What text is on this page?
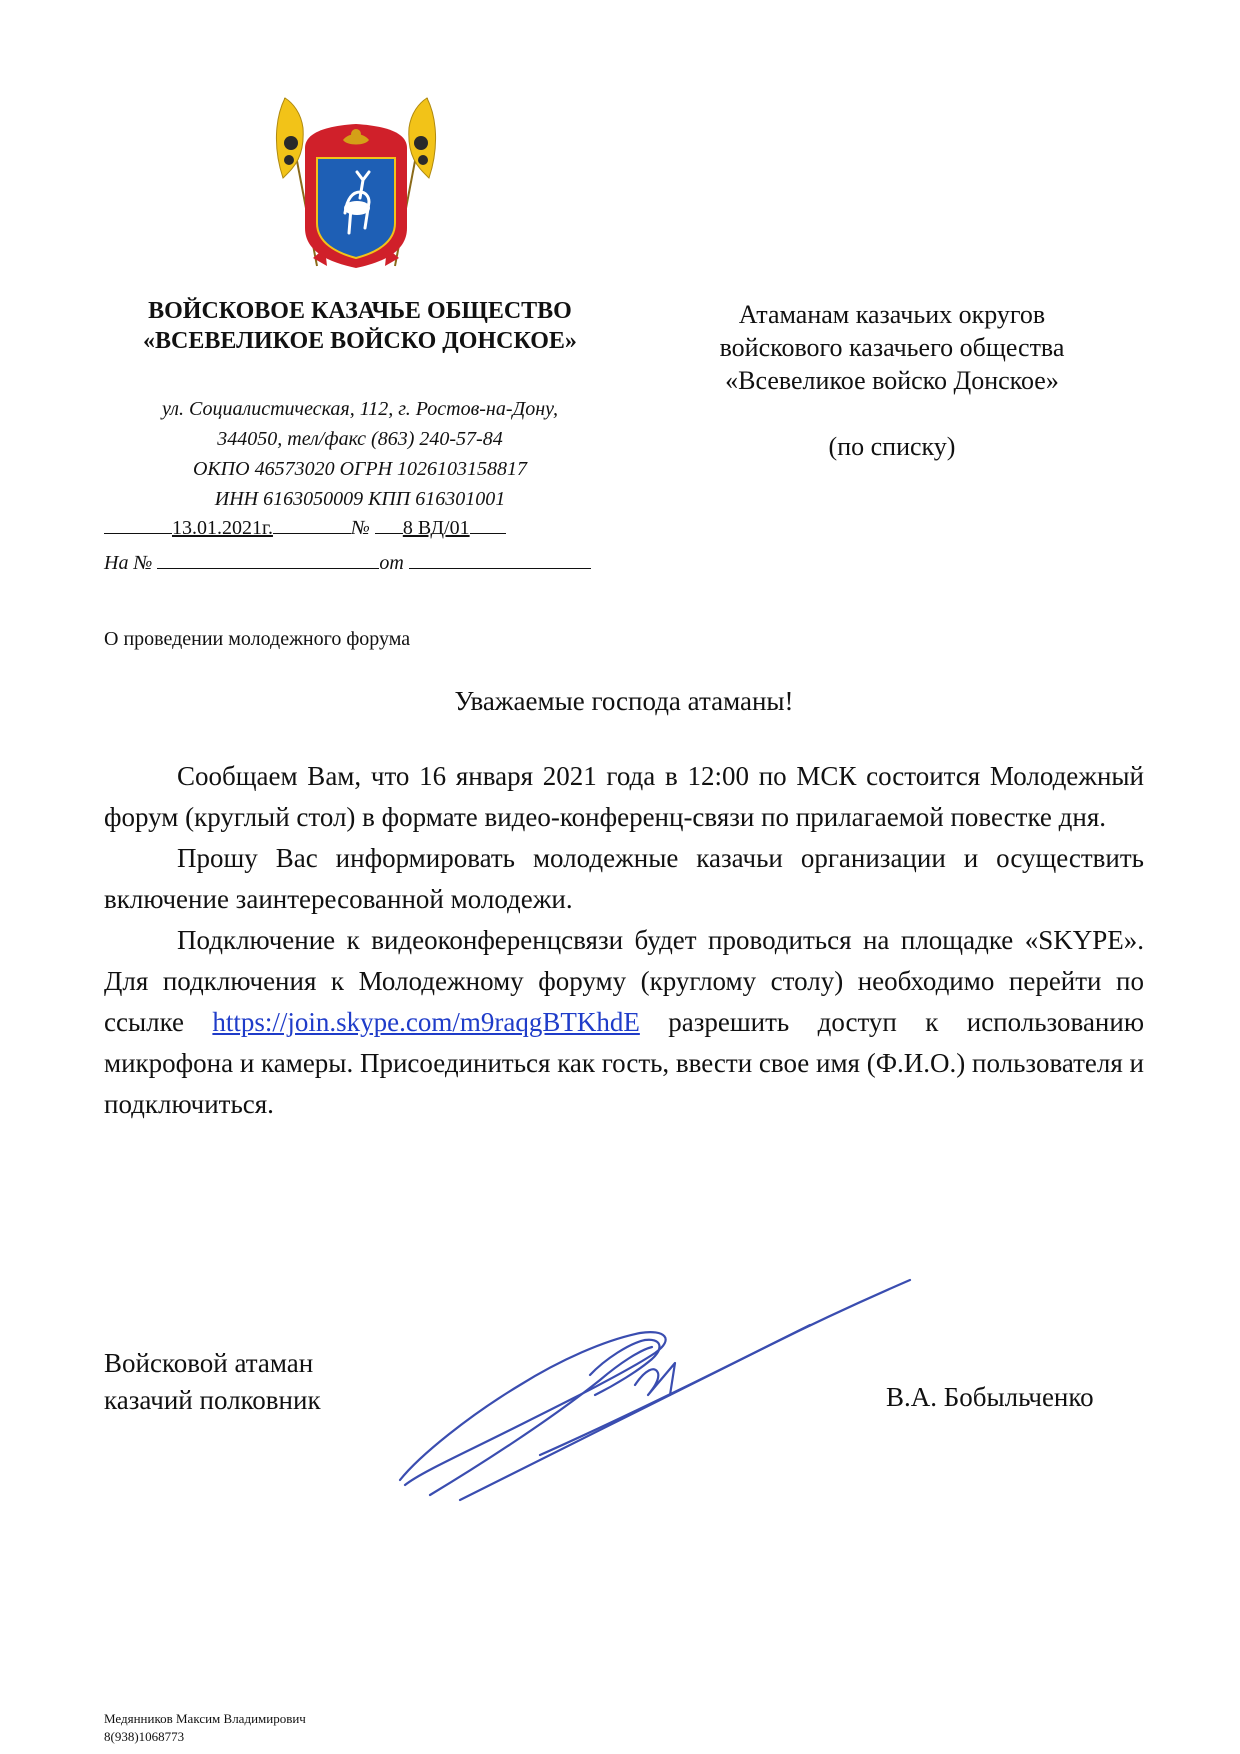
ВОЙСКОВОЕ КАЗАЧЬЕ ОБЩЕСТВО
«ВСЕВЕЛИКОЕ ВОЙСКО ДОНСКОЕ»
ул. Социалистическая, 112, г. Ростов-на-Дону,
344050, тел/факс (863) 240-57-84
ОКПО 46573020 ОГРН 1026103158817
ИНН 6163050009 КПП 616301001
13.01.2021г.	№ 8 ВД/01
На №	от
Атаманам казачьих округов
войскового казачьего общества
«Всевеликое войско Донское»
(по списку)
О проведении молодежного форума
Уважаемые господа атаманы!

Сообщаем Вам, что 16 января 2021 года в 12:00 по МСК состоится Молодежный форум (круглый стол) в формате видео-конференц-связи по прилагаемой повестке дня.

Прошу Вас информировать молодежные казачьи организации и осуществить включение заинтересованной молодежи.

Подключение к видеоконференцсвязи будет проводиться на площадке «SKYPE». Для подключения к Молодежному форуму (круглому столу) необходимо перейти по ссылке https://join.skype.com/m9raqgBTKhdE разрешить доступ к использованию микрофона и камеры. Присоединиться как гость, ввести свое имя (Ф.И.О.) пользователя и подключиться.

Войсковой атаман
казачий полковник	В.А. Бобыльченко
Медянников Максим Владимирович
8(938)1068773
